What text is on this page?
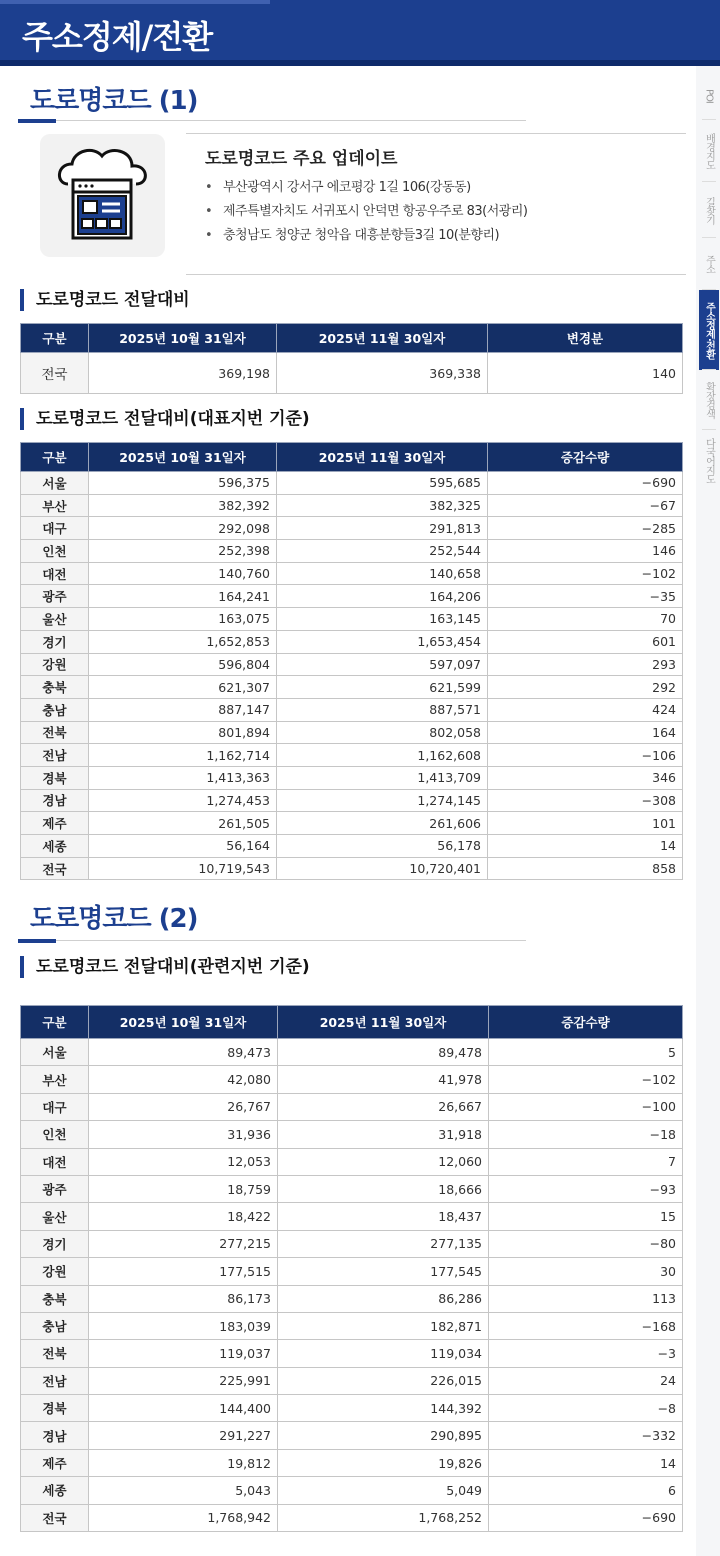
주소정제/전환
도로명코드 (1)
도로명코드 주요 업데이트
• 부산광역시 강서구 에코평강 1길 106(강동동)
• 제주특별자치도 서귀포시 안덕면 항공우주로 83(서광리)
• 충청남도 청양군 청악읍 대흥분향들3길 10(분향리)
도로명코드 전달대비
구분	2025년 10월 31일자	2025년 11월 30일자	변경분
전국	369,198	369,338	140
도로명코드 전달대비(대표지번 기준)
구분	2025년 10월 31일자	2025년 11월 30일자	증감수량
서울	596,375	595,685	−690
부산	382,392	382,325	−67
대구	292,098	291,813	−285
인천	252,398	252,544	146
대전	140,760	140,658	−102
광주	164,241	164,206	−35
울산	163,075	163,145	70
경기	1,652,853	1,653,454	601
강원	596,804	597,097	293
충북	621,307	621,599	292
충남	887,147	887,571	424
전북	801,894	802,058	164
전남	1,162,714	1,162,608	−106
경북	1,413,363	1,413,709	346
경남	1,274,453	1,274,145	−308
제주	261,505	261,606	101
세종	56,164	56,178	14
전국	10,719,543	10,720,401	858
도로명코드 (2)
도로명코드 전달대비(관련지번 기준)
구분	2025년 10월 31일자	2025년 11월 30일자	증감수량
서울	89,473	89,478	5
부산	42,080	41,978	−102
대구	26,767	26,667	−100
인천	31,936	31,918	−18
대전	12,053	12,060	7
광주	18,759	18,666	−93
울산	18,422	18,437	15
경기	277,215	277,135	−80
강원	177,515	177,545	30
충북	86,173	86,286	113
충남	183,039	182,871	−168
전북	119,037	119,034	−3
전남	225,991	226,015	24
경북	144,400	144,392	−8
경남	291,227	290,895	−332
제주	19,812	19,826	14
세종	5,043	5,049	6
전국	1,768,942	1,768,252	−690
POI
배경지도
길찾기
주소
주소정제·전환
확장검색
다국어지도
